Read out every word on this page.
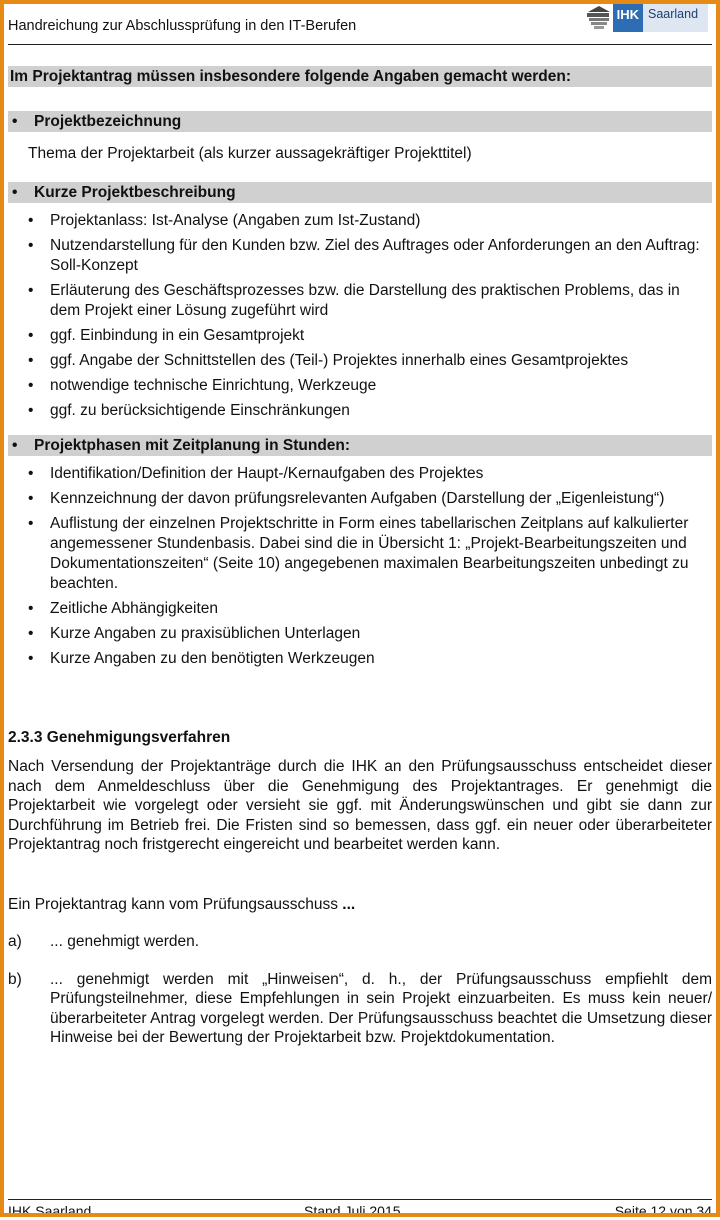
Handreichung zur Abschlussprüfung in den IT-Berufen
IHK Saarland
Im Projektantrag müssen insbesondere folgende Angaben gemacht werden:
• Projektbezeichnung
Thema der Projektarbeit (als kurzer aussagekräftiger Projekttitel)
• Kurze Projektbeschreibung
• Projektanlass: Ist-Analyse (Angaben zum Ist-Zustand)
• Nutzendarstellung für den Kunden bzw. Ziel des Auftrages oder Anforderungen an den Auftrag: Soll-Konzept
• Erläuterung des Geschäftsprozesses bzw. die Darstellung des praktischen Problems, das in dem Projekt einer Lösung zugeführt wird
• ggf. Einbindung in ein Gesamtprojekt
• ggf. Angabe der Schnittstellen des (Teil-) Projektes innerhalb eines Gesamtprojektes
• notwendige technische Einrichtung, Werkzeuge
• ggf. zu berücksichtigende Einschränkungen
• Projektphasen mit Zeitplanung in Stunden:
• Identifikation/Definition der Haupt-/Kernaufgaben des Projektes
• Kennzeichnung der davon prüfungsrelevanten Aufgaben (Darstellung der „Eigenleistung“)
• Auflistung der einzelnen Projektschritte in Form eines tabellarischen Zeitplans auf kalkulierter angemessener Stundenbasis. Dabei sind die in Übersicht 1: „Projekt-Bearbeitungszeiten und Dokumentationszeiten“ (Seite 10) angegebenen maximalen Bearbeitungszeiten unbedingt zu beachten.
• Zeitliche Abhängigkeiten
• Kurze Angaben zu praxisüblichen Unterlagen
• Kurze Angaben zu den benötigten Werkzeugen
2.3.3 Genehmigungsverfahren
Nach Versendung der Projektanträge durch die IHK an den Prüfungsausschuss entscheidet dieser nach dem Anmeldeschluss über die Genehmigung des Projektantrages. Er genehmigt die Projektarbeit wie vorgelegt oder versieht sie ggf. mit Änderungswünschen und gibt sie dann zur Durchführung im Betrieb frei. Die Fristen sind so bemessen, dass ggf. ein neuer oder überarbeiteter Projektantrag noch fristgerecht eingereicht und bearbeitet werden kann.
Ein Projektantrag kann vom Prüfungsausschuss ...
a) ... genehmigt werden.
b) ... genehmigt werden mit „Hinweisen“, d. h., der Prüfungsausschuss empfiehlt dem Prüfungsteilnehmer, diese Empfehlungen in sein Projekt einzuarbeiten. Es muss kein neuer/überarbeiteter Antrag vorgelegt werden. Der Prüfungsausschuss beachtet die Umsetzung dieser Hinweise bei der Bewertung der Projektarbeit bzw. Projektdokumentation.
IHK Saarland	Stand Juli 2015	Seite 12 von 34
